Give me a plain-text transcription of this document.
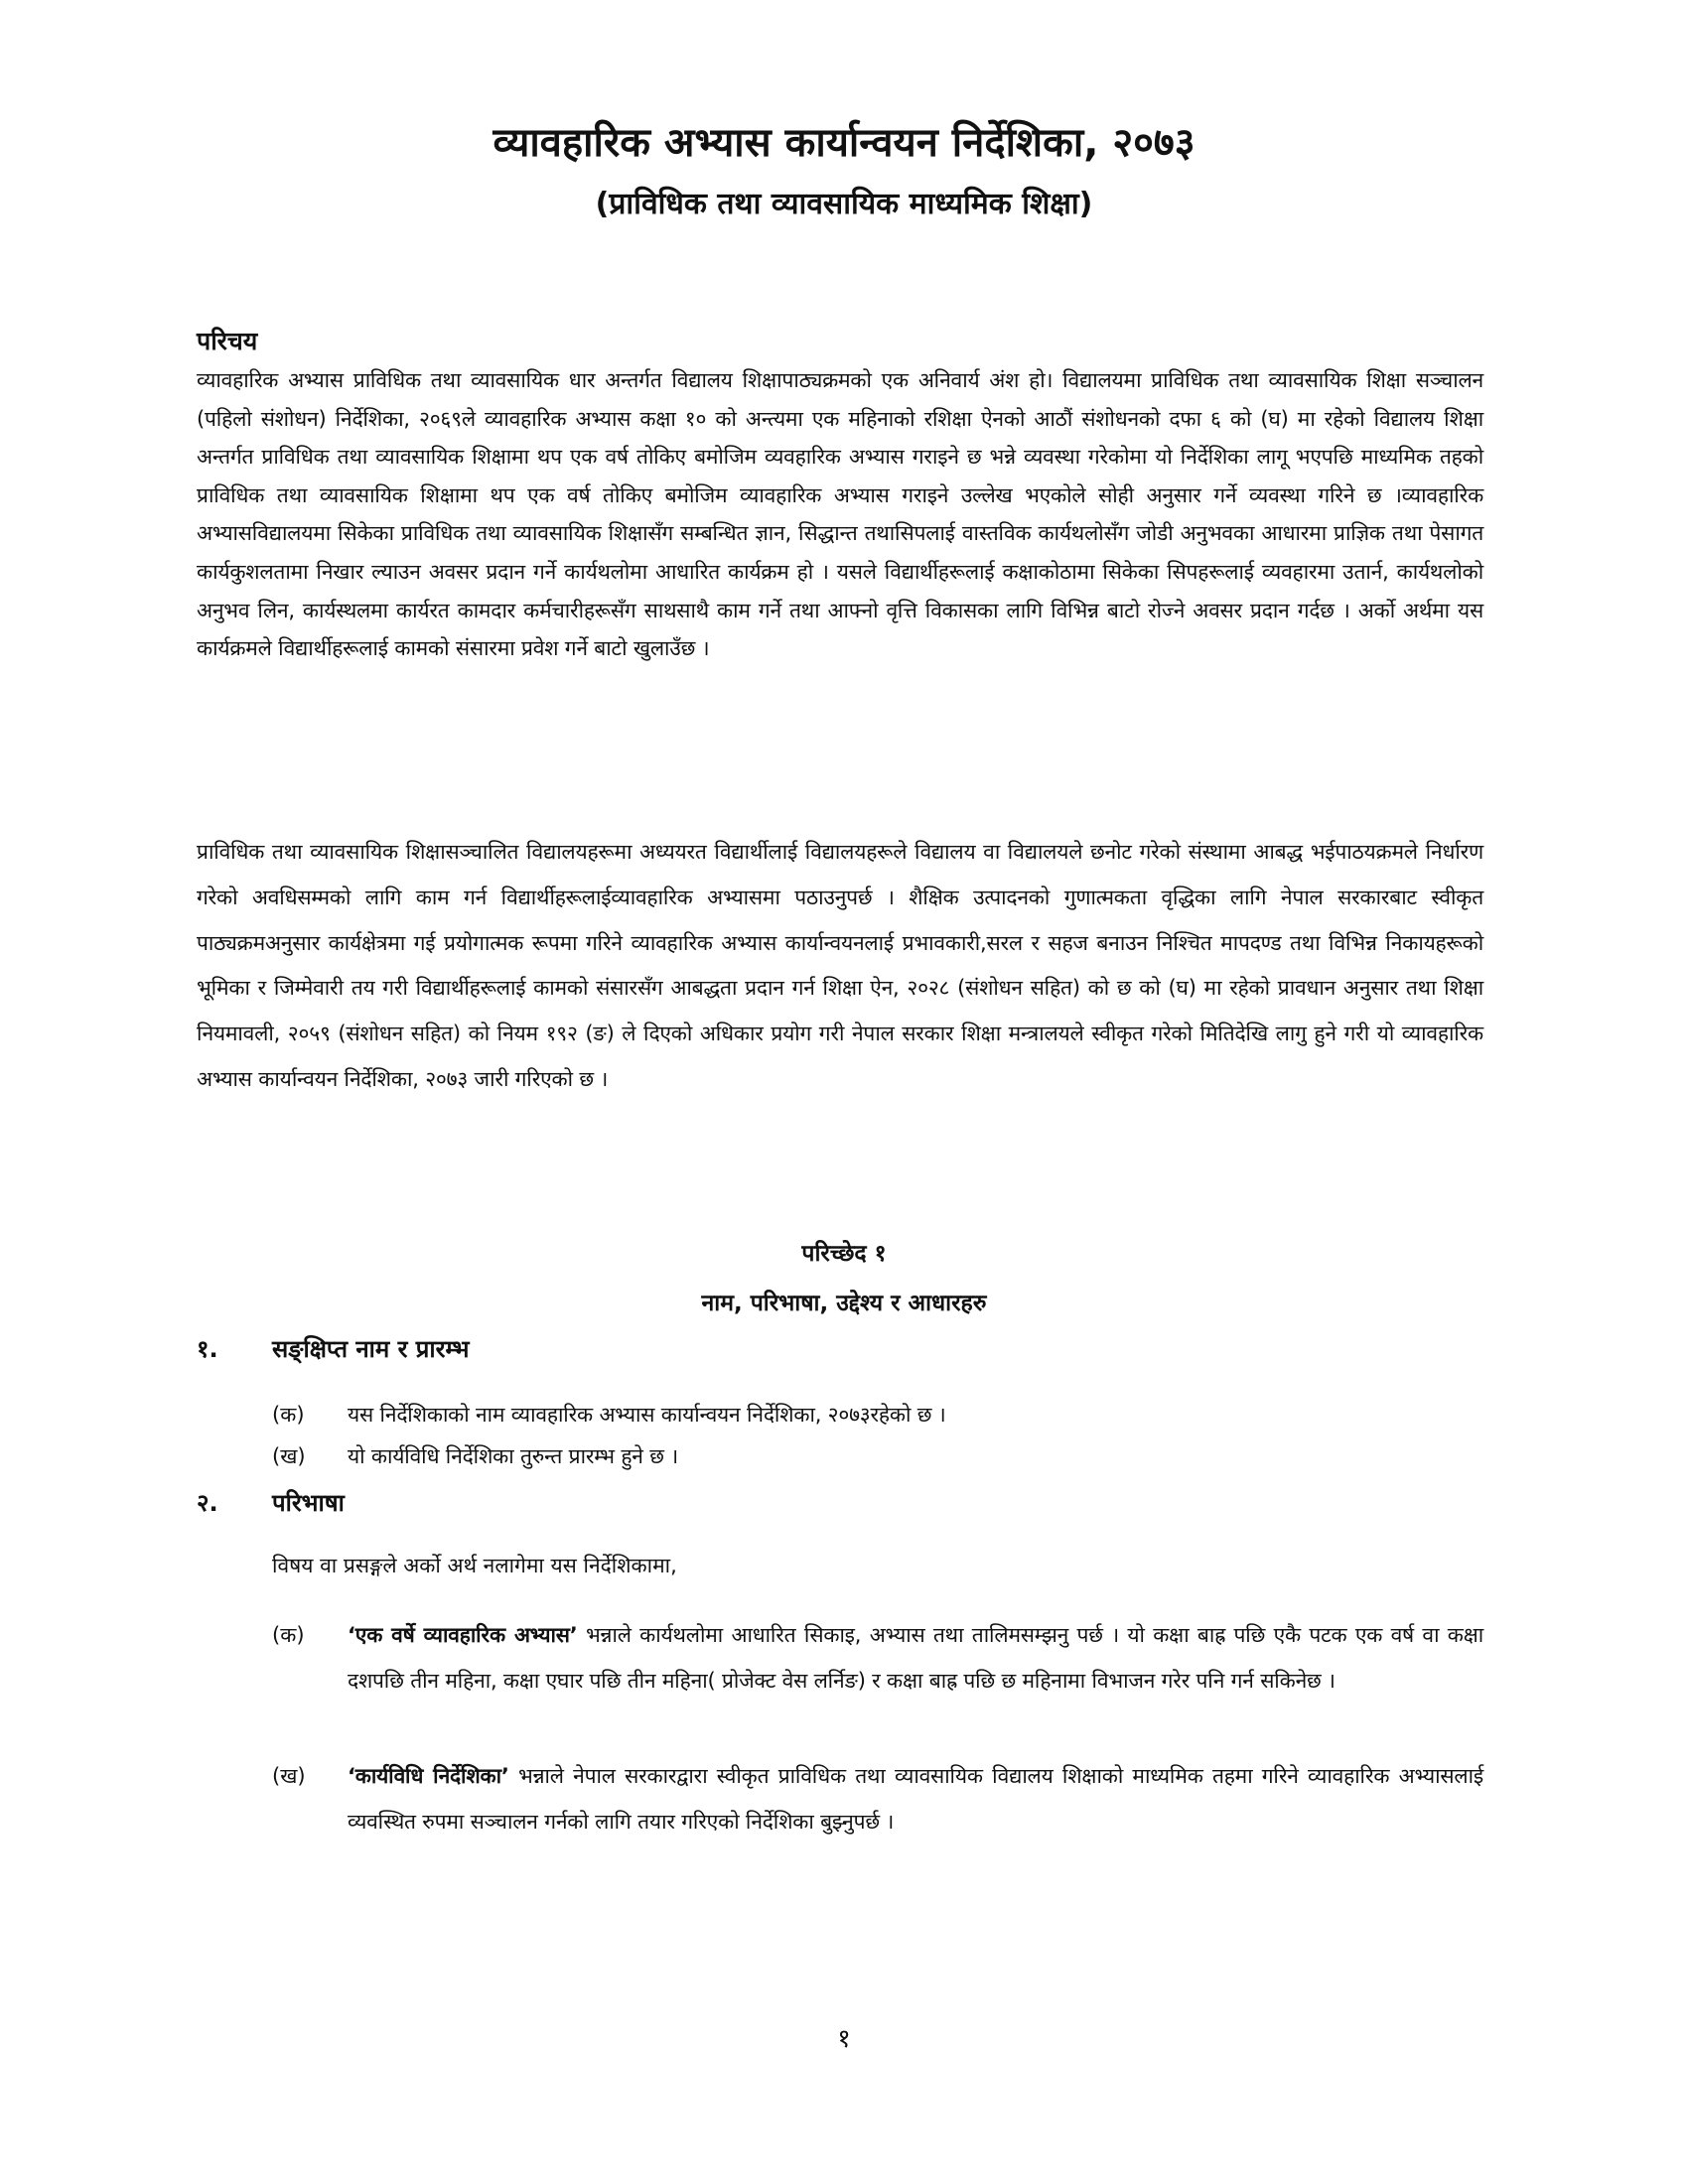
व्यावहारिक अभ्यास कार्यान्वयन निर्देशिका, २०७३
(प्राविधिक तथा व्यावसायिक माध्यमिक शिक्षा)
परिचय
व्यावहारिक अभ्यास प्राविधिक तथा व्यावसायिक धार अन्तर्गत विद्यालय शिक्षापाठ्यक्रमको एक अनिवार्य अंश हो। विद्यालयमा प्राविधिक तथा व्यावसायिक शिक्षा सञ्चालन (पहिलो संशोधन) निर्देशिका, २०६९ले व्यावहारिक अभ्यास कक्षा १० को अन्त्यमा एक महिनाको रशिक्षा ऐनको आठौं संशोधनको दफा ६ को (घ) मा रहेको विद्यालय शिक्षा अन्तर्गत प्राविधिक तथा व्यावसायिक शिक्षामा थप एक वर्ष तोकिए बमोजिम व्यवहारिक अभ्यास गराइने छ भन्ने व्यवस्था गरेकोमा यो निर्देशिका लागू भएपछि माध्यमिक तहको प्राविधिक तथा व्यावसायिक शिक्षामा थप एक वर्ष तोकिए बमोजिम व्यावहारिक अभ्यास गराइने उल्लेख भएकोले सोही अनुसार गर्ने व्यवस्था गरिने छ ।व्यावहारिक अभ्यासविद्यालयमा सिकेका प्राविधिक तथा व्यावसायिक शिक्षासँग सम्बन्धित ज्ञान, सिद्धान्त तथासिपलाई वास्तविक कार्यथलोसँग जोडी अनुभवका आधारमा प्राज्ञिक तथा पेसागत कार्यकुशलतामा निखार ल्याउन अवसर प्रदान गर्ने कार्यथलोमा आधारित कार्यक्रम हो । यसले विद्यार्थीहरूलाई कक्षाकोठामा सिकेका सिपहरूलाई व्यवहारमा उतार्न, कार्यथलोको अनुभव लिन, कार्यस्थलमा कार्यरत कामदार कर्मचारीहरूसँग साथसाथै काम गर्ने तथा आफ्नो वृत्ति विकासका लागि विभिन्न बाटो रोज्ने अवसर प्रदान गर्दछ । अर्को अर्थमा यस कार्यक्रमले विद्यार्थीहरूलाई कामको संसारमा प्रवेश गर्ने बाटो खुलाउँछ ।
प्राविधिक तथा व्यावसायिक शिक्षासञ्चालित विद्यालयहरूमा अध्ययरत विद्यार्थीलाई विद्यालयहरूले विद्यालय वा विद्यालयले छनोट गरेको संस्थामा आबद्ध भईपाठयक्रमले निर्धारण गरेको अवधिसम्मको लागि काम गर्न विद्यार्थीहरूलाईव्यावहारिक अभ्यासमा पठाउनुपर्छ । शैक्षिक उत्पादनको गुणात्मकता वृद्धिका लागि नेपाल सरकारबाट स्वीकृत पाठ्यक्रमअनुसार कार्यक्षेत्रमा गई प्रयोगात्मक रूपमा गरिने व्यावहारिक अभ्यास कार्यान्वयनलाई प्रभावकारी,सरल र सहज बनाउन निश्चित मापदण्ड तथा विभिन्न निकायहरूको भूमिका र जिम्मेवारी तय गरी विद्यार्थीहरूलाई कामको संसारसँग आबद्धता प्रदान गर्न शिक्षा ऐन, २०२८ (संशोधन सहित) को छ को (घ) मा रहेको प्रावधान अनुसार तथा शिक्षा नियमावली, २०५९ (संशोधन सहित) को नियम १९२ (ङ) ले दिएको अधिकार प्रयोग गरी नेपाल सरकार शिक्षा मन्त्रालयले स्वीकृत गरेको मितिदेखि लागु हुने गरी यो व्यावहारिक अभ्यास कार्यान्वयन निर्देशिका, २०७३ जारी गरिएको छ ।
परिच्छेद १
नाम, परिभाषा, उद्देश्य र आधारहरु
१. सङ्क्षिप्त नाम र प्रारम्भ
(क) यस निर्देशिकाको नाम व्यावहारिक अभ्यास कार्यान्वयन निर्देशिका, २०७३रहेको छ ।
(ख) यो कार्यविधि निर्देशिका तुरुन्त प्रारम्भ हुने छ ।
२. परिभाषा
विषय वा प्रसङ्गले अर्को अर्थ नलागेमा यस निर्देशिकामा,
(क) ‘एक वर्षे व्यावहारिक अभ्यास’ भन्नाले कार्यथलोमा आधारित सिकाइ, अभ्यास तथा तालिमसम्झनु पर्छ । यो कक्षा बाह्र पछि एकै पटक एक वर्ष वा कक्षा दशपछि तीन महिना, कक्षा एघार पछि तीन महिना( प्रोजेक्ट वेस लर्निङ) र कक्षा बाह्र पछि छ महिनामा विभाजन गरेर पनि गर्न सकिनेछ ।
(ख) ‘कार्यविधि निर्देशिका’ भन्नाले नेपाल सरकारद्वारा स्वीकृत प्राविधिक तथा व्यावसायिक विद्यालय शिक्षाको माध्यमिक तहमा गरिने व्यावहारिक अभ्यासलाई व्यवस्थित रुपमा सञ्चालन गर्नको लागि तयार गरिएको निर्देशिका बुझ्नुपर्छ ।
१
